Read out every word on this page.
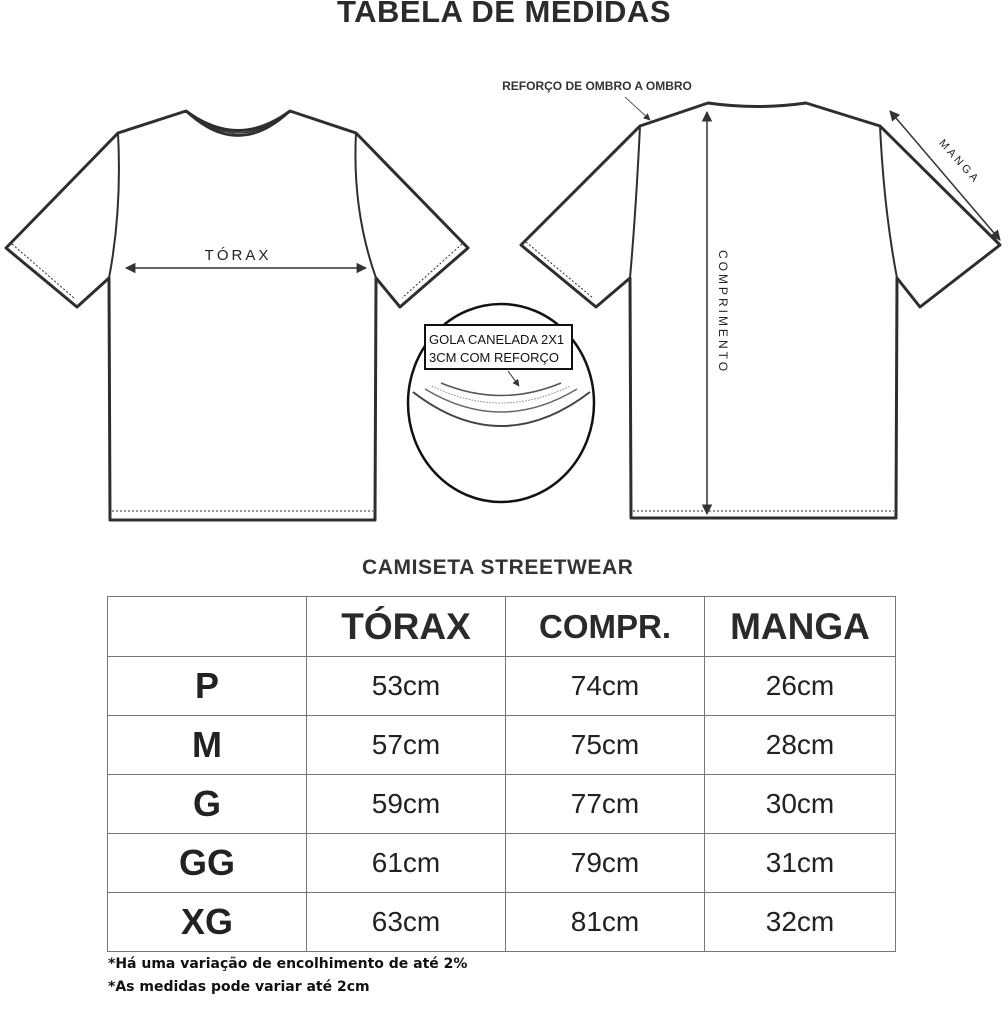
TABELA DE MEDIDAS
TÓRAX	COMPRIMENTO
MANGA
REFORÇO DE OMBRO A OMBRO
GOLA CANELADA 2X1
3CM COM REFORÇO
CAMISETA STREETWEAR
	TÓRAX	COMPR.	MANGA
P	53cm	74cm	26cm
M	57cm	75cm	28cm
G	59cm	77cm	30cm
GG	61cm	79cm	31cm
XG	63cm	81cm	32cm
*Há uma variação de encolhimento de até 2%
*As medidas pode variar até 2cm
